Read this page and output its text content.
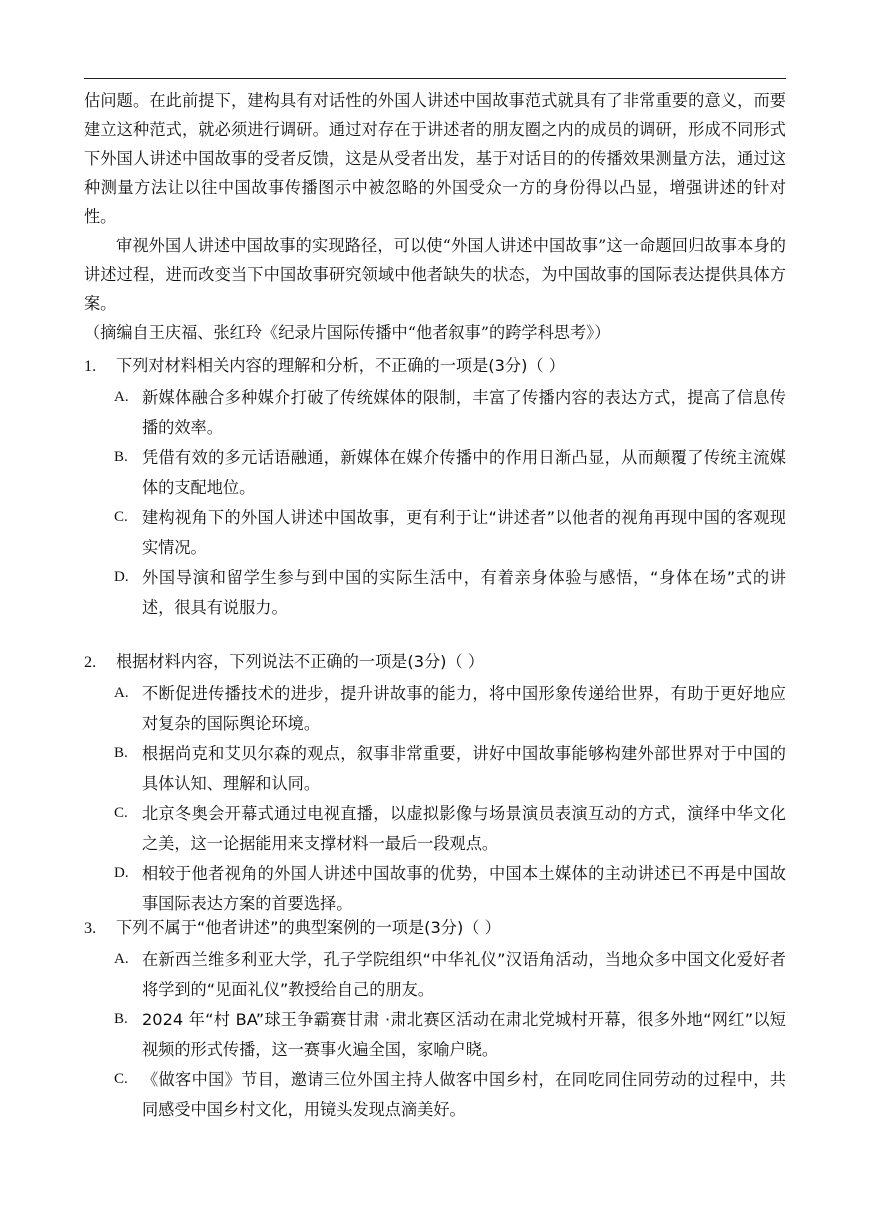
估问题。在此前提下，建构具有对话性的外国人讲述中国故事范式就具有了非常重要的意义，而要建立这种范式，就必须进行调研。通过对存在于讲述者的朋友圈之内的成员的调研，形成不同形式下外国人讲述中国故事的受者反馈，这是从受者出发，基于对话目的的传播效果测量方法，通过这种测量方法让以往中国故事传播图示中被忽略的外国受众一方的身份得以凸显，增强讲述的针对性。

审视外国人讲述中国故事的实现路径，可以使“外国人讲述中国故事”这一命题回归故事本身的讲述过程，进而改变当下中国故事研究领域中他者缺失的状态，为中国故事的国际表达提供具体方案。

（摘编自王庆福、张红玲《纪录片国际传播中“他者叙事”的跨学科思考》）

1. 下列对材料相关内容的理解和分析，不正确的一项是(3分)（ ）
A. 新媒体融合多种媒介打破了传统媒体的限制，丰富了传播内容的表达方式，提高了信息传播的效率。
B. 凭借有效的多元话语融通，新媒体在媒介传播中的作用日渐凸显，从而颠覆了传统主流媒体的支配地位。
C. 建构视角下的外国人讲述中国故事，更有利于让“讲述者”以他者的视角再现中国的客观现实情况。
D. 外国导演和留学生参与到中国的实际生活中，有着亲身体验与感悟，“身体在场”式的讲述，很具有说服力。
2. 根据材料内容，下列说法不正确的一项是(3分)（ ）
A. 不断促进传播技术的进步，提升讲故事的能力，将中国形象传递给世界，有助于更好地应对复杂的国际舆论环境。
B. 根据尚克和艾贝尔森的观点，叙事非常重要，讲好中国故事能够构建外部世界对于中国的具体认知、理解和认同。
C. 北京冬奥会开幕式通过电视直播，以虚拟影像与场景演员表演互动的方式，演绎中华文化之美，这一论据能用来支撑材料一最后一段观点。
D. 相较于他者视角的外国人讲述中国故事的优势，中国本土媒体的主动讲述已不再是中国故事国际表达方案的首要选择。
3. 下列不属于“他者讲述”的典型案例的一项是(3分)（ ）
A. 在新西兰维多利亚大学，孔子学院组织“中华礼仪”汉语角活动，当地众多中国文化爱好者将学到的“见面礼仪”教授给自己的朋友。
B. 2024 年“村 BA”球王争霸赛甘肃 ·肃北赛区活动在肃北党城村开幕，很多外地“网红”以短视频的形式传播，这一赛事火遍全国，家喻户晓。
C. 《做客中国》节目，邀请三位外国主持人做客中国乡村，在同吃同住同劳动的过程中，共同感受中国乡村文化，用镜头发现点滴美好。
